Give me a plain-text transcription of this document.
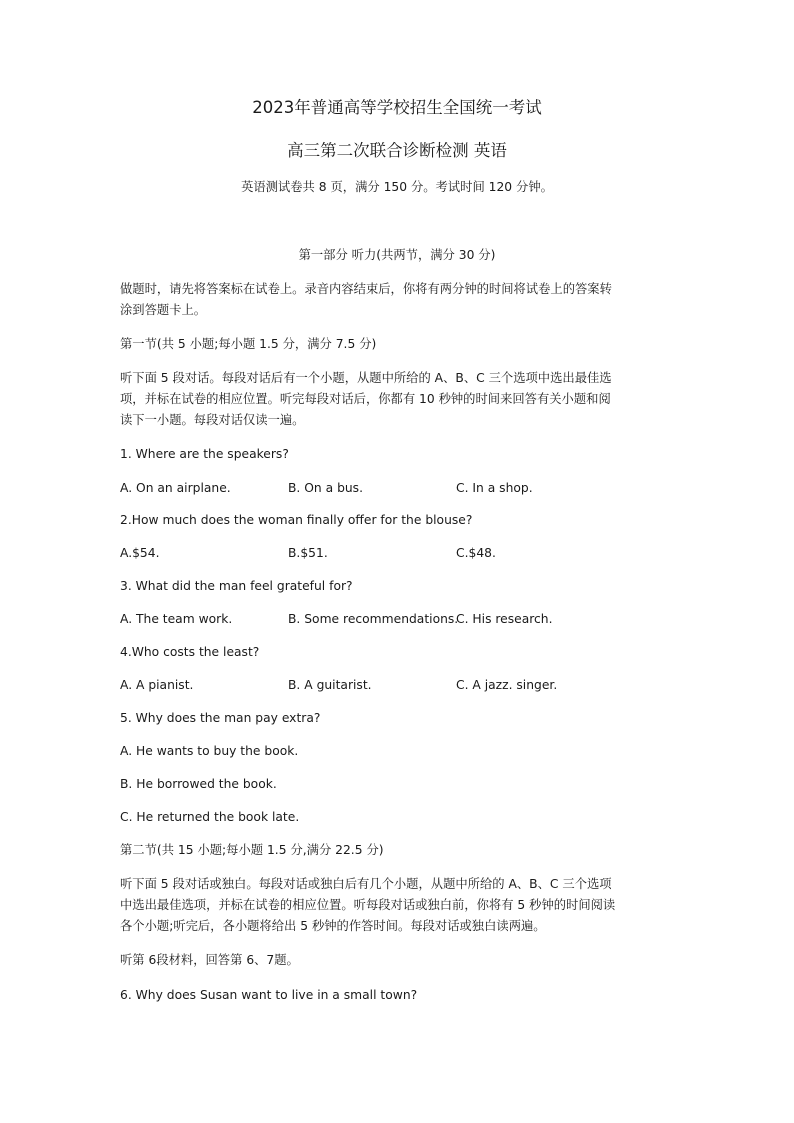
2023年普通高等学校招生全国统一考试
高三第二次联合诊断检测 英语
英语测试卷共 8 页，满分 150 分。考试时间 120 分钟。
第一部分 听力(共两节，满分 30 分)
做题时，请先将答案标在试卷上。录音内容结束后，你将有两分钟的时间将试卷上的答案转
涂到答题卡上。
第一节(共 5 小题;每小题 1.5 分，满分 7.5 分)
听下面 5 段对话。每段对话后有一个小题，从题中所给的 A、B、C 三个选项中选出最佳选
项，并标在试卷的相应位置。听完每段对话后，你都有 10 秒钟的时间来回答有关小题和阅
读下一小题。每段对话仅读一遍。
1. Where are the speakers?
A. On an airplane.	B. On a bus.	C. In a shop.
2.How much does the woman finally offer for the blouse?
A.$54.	B.$51.	C.$48.
3. What did the man feel grateful for?
A. The team work.	B. Some recommendations.
C. His research.
4.Who costs the least?
A. A pianist.	B. A guitarist.	C. A jazz. singer.
5. Why does the man pay extra?
A. He wants to buy the book.
B. He borrowed the book.
C. He returned the book late.
第二节(共 15 小题;每小题 1.5 分,满分 22.5 分)
听下面 5 段对话或独白。每段对话或独白后有几个小题，从题中所给的 A、B、C 三个选项
中选出最佳选项，并标在试卷的相应位置。听每段对话或独白前，你将有 5 秒钟的时间阅读
各个小题;听完后，各小题将给出 5 秒钟的作答时间。每段对话或独白读两遍。
听第 6段材料，回答第 6、7题。
6. Why does Susan want to live in a small town?
